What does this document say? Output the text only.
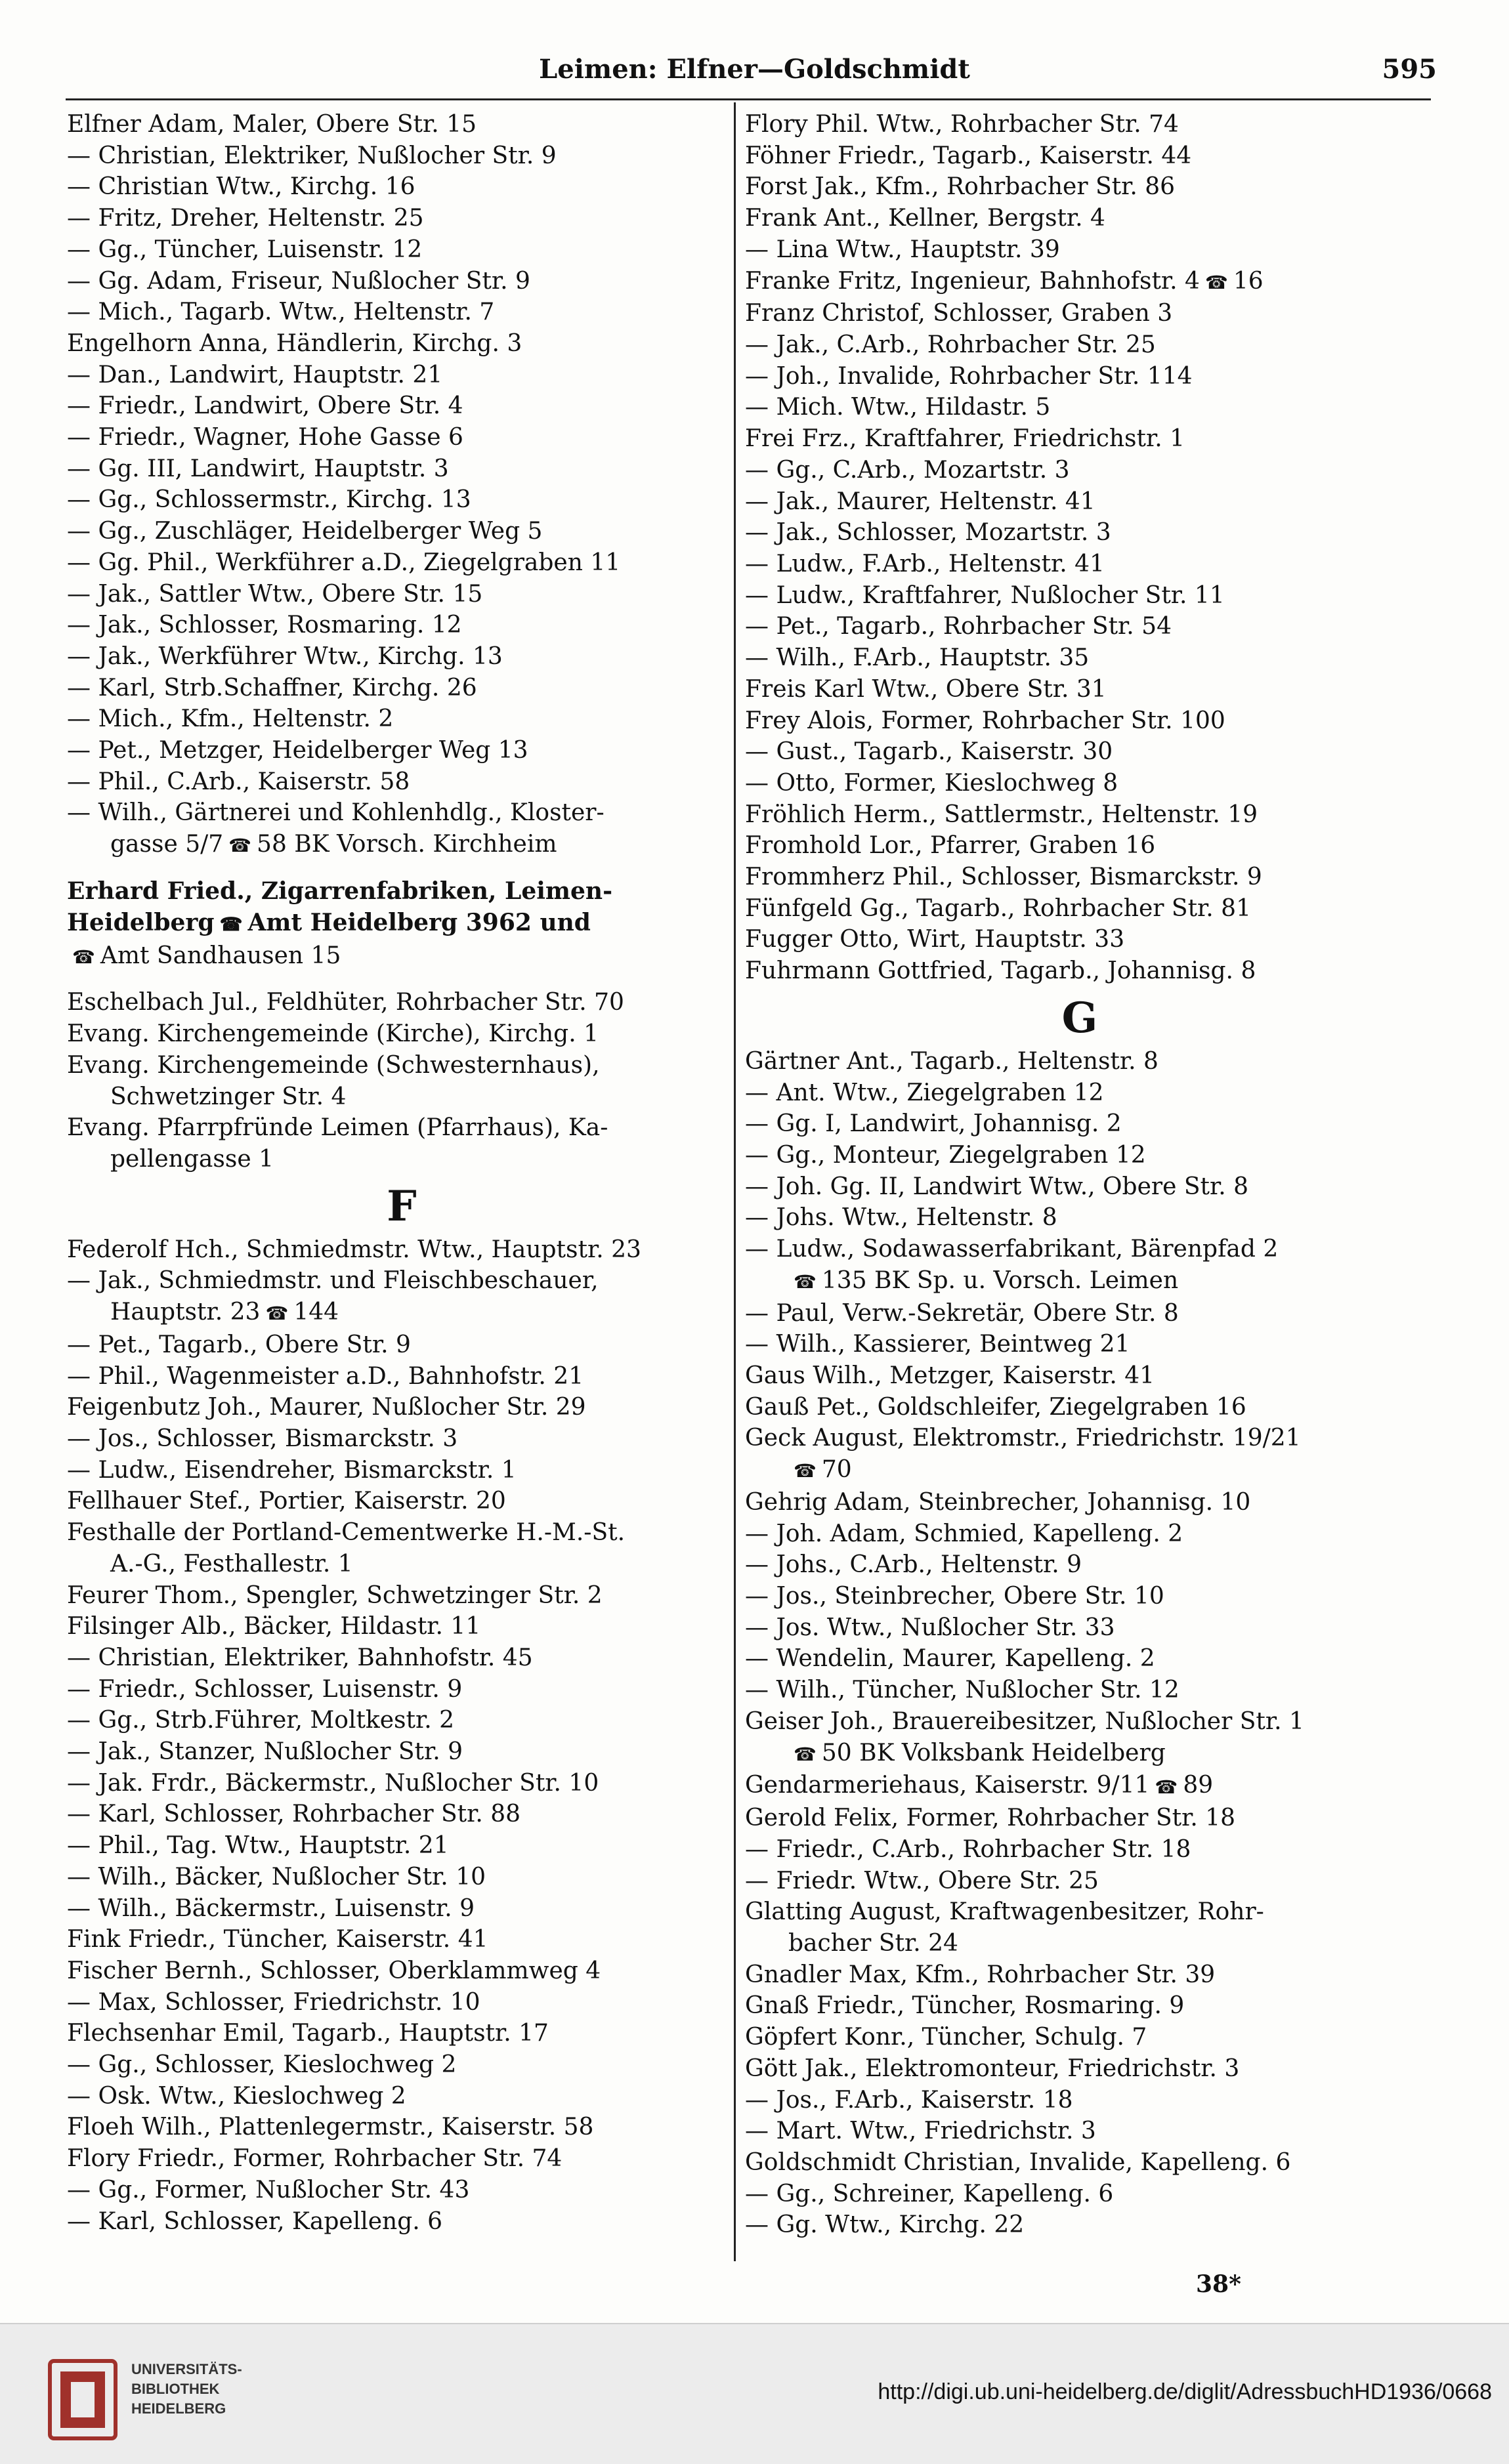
Leimen: Elfner—Goldschmidt	595
Elfner Adam, Maler, Obere Str. 15
— Christian, Elektriker, Nußlocher Str. 9
— Christian Wtw., Kirchg. 16
— Fritz, Dreher, Heltenstr. 25
— Gg., Tüncher, Luisenstr. 12
— Gg. Adam, Friseur, Nußlocher Str. 9
— Mich., Tagarb. Wtw., Heltenstr. 7
Engelhorn Anna, Händlerin, Kirchg. 3
— Dan., Landwirt, Hauptstr. 21
— Friedr., Landwirt, Obere Str. 4
— Friedr., Wagner, Hohe Gasse 6
— Gg. III, Landwirt, Hauptstr. 3
— Gg., Schlossermstr., Kirchg. 13
— Gg., Zuschläger, Heidelberger Weg 5
— Gg. Phil., Werkführer a.D., Ziegelgraben 11
— Jak., Sattler Wtw., Obere Str. 15
— Jak., Schlosser, Rosmaring. 12
— Jak., Werkführer Wtw., Kirchg. 13
— Karl, Strb.Schaffner, Kirchg. 26
— Mich., Kfm., Heltenstr. 2
— Pet., Metzger, Heidelberger Weg 13
— Phil., C.Arb., Kaiserstr. 58
— Wilh., Gärtnerei und Kohlenhdlg., Kloster-
gasse 5/7 ☎ 58 BK Vorsch. Kirchheim
Erhard Fried., Zigarrenfabriken, Leimen-
Heidelberg ☎ Amt Heidelberg 3962 und
☎ Amt Sandhausen 15
Eschelbach Jul., Feldhüter, Rohrbacher Str. 70
Evang. Kirchengemeinde (Kirche), Kirchg. 1
Evang. Kirchengemeinde (Schwesternhaus),
Schwetzinger Str. 4
Evang. Pfarrpfründe Leimen (Pfarrhaus), Ka-
pellengasse 1
F
Federolf Hch., Schmiedmstr. Wtw., Hauptstr. 23
— Jak., Schmiedmstr. und Fleischbeschauer,
Hauptstr. 23 ☎ 144
— Pet., Tagarb., Obere Str. 9
— Phil., Wagenmeister a.D., Bahnhofstr. 21
Feigenbutz Joh., Maurer, Nußlocher Str. 29
— Jos., Schlosser, Bismarckstr. 3
— Ludw., Eisendreher, Bismarckstr. 1
Fellhauer Stef., Portier, Kaiserstr. 20
Festhalle der Portland-Cementwerke H.-M.-St.
A.-G., Festhallestr. 1
Feurer Thom., Spengler, Schwetzinger Str. 2
Filsinger Alb., Bäcker, Hildastr. 11
— Christian, Elektriker, Bahnhofstr. 45
— Friedr., Schlosser, Luisenstr. 9
— Gg., Strb.Führer, Moltkestr. 2
— Jak., Stanzer, Nußlocher Str. 9
— Jak. Frdr., Bäckermstr., Nußlocher Str. 10
— Karl, Schlosser, Rohrbacher Str. 88
— Phil., Tag. Wtw., Hauptstr. 21
— Wilh., Bäcker, Nußlocher Str. 10
— Wilh., Bäckermstr., Luisenstr. 9
Fink Friedr., Tüncher, Kaiserstr. 41
Fischer Bernh., Schlosser, Oberklammweg 4
— Max, Schlosser, Friedrichstr. 10
Flechsenhar Emil, Tagarb., Hauptstr. 17
— Gg., Schlosser, Kieslochweg 2
— Osk. Wtw., Kieslochweg 2
Floeh Wilh., Plattenlegermstr., Kaiserstr. 58
Flory Friedr., Former, Rohrbacher Str. 74
— Gg., Former, Nußlocher Str. 43
— Karl, Schlosser, Kapelleng. 6
Flory Phil. Wtw., Rohrbacher Str. 74
Föhner Friedr., Tagarb., Kaiserstr. 44
Forst Jak., Kfm., Rohrbacher Str. 86
Frank Ant., Kellner, Bergstr. 4
— Lina Wtw., Hauptstr. 39
Franke Fritz, Ingenieur, Bahnhofstr. 4 ☎ 16
Franz Christof, Schlosser, Graben 3
— Jak., C.Arb., Rohrbacher Str. 25
— Joh., Invalide, Rohrbacher Str. 114
— Mich. Wtw., Hildastr. 5
Frei Frz., Kraftfahrer, Friedrichstr. 1
— Gg., C.Arb., Mozartstr. 3
— Jak., Maurer, Heltenstr. 41
— Jak., Schlosser, Mozartstr. 3
— Ludw., F.Arb., Heltenstr. 41
— Ludw., Kraftfahrer, Nußlocher Str. 11
— Pet., Tagarb., Rohrbacher Str. 54
— Wilh., F.Arb., Hauptstr. 35
Freis Karl Wtw., Obere Str. 31
Frey Alois, Former, Rohrbacher Str. 100
— Gust., Tagarb., Kaiserstr. 30
— Otto, Former, Kieslochweg 8
Fröhlich Herm., Sattlermstr., Heltenstr. 19
Fromhold Lor., Pfarrer, Graben 16
Frommherz Phil., Schlosser, Bismarckstr. 9
Fünfgeld Gg., Tagarb., Rohrbacher Str. 81
Fugger Otto, Wirt, Hauptstr. 33
Fuhrmann Gottfried, Tagarb., Johannisg. 8
G
Gärtner Ant., Tagarb., Heltenstr. 8
— Ant. Wtw., Ziegelgraben 12
— Gg. I, Landwirt, Johannisg. 2
— Gg., Monteur, Ziegelgraben 12
— Joh. Gg. II, Landwirt Wtw., Obere Str. 8
— Johs. Wtw., Heltenstr. 8
— Ludw., Sodawasserfabrikant, Bärenpfad 2
☎ 135 BK Sp. u. Vorsch. Leimen
— Paul, Verw.-Sekretär, Obere Str. 8
— Wilh., Kassierer, Beintweg 21
Gaus Wilh., Metzger, Kaiserstr. 41
Gauß Pet., Goldschleifer, Ziegelgraben 16
Geck August, Elektromstr., Friedrichstr. 19/21
☎ 70
Gehrig Adam, Steinbrecher, Johannisg. 10
— Joh. Adam, Schmied, Kapelleng. 2
— Johs., C.Arb., Heltenstr. 9
— Jos., Steinbrecher, Obere Str. 10
— Jos. Wtw., Nußlocher Str. 33
— Wendelin, Maurer, Kapelleng. 2
— Wilh., Tüncher, Nußlocher Str. 12
Geiser Joh., Brauereibesitzer, Nußlocher Str. 1
☎ 50 BK Volksbank Heidelberg
Gendarmeriehaus, Kaiserstr. 9/11 ☎ 89
Gerold Felix, Former, Rohrbacher Str. 18
— Friedr., C.Arb., Rohrbacher Str. 18
— Friedr. Wtw., Obere Str. 25
Glatting August, Kraftwagenbesitzer, Rohr-
bacher Str. 24
Gnadler Max, Kfm., Rohrbacher Str. 39
Gnaß Friedr., Tüncher, Rosmaring. 9
Göpfert Konr., Tüncher, Schulg. 7
Gött Jak., Elektromonteur, Friedrichstr. 3
— Jos., F.Arb., Kaiserstr. 18
— Mart. Wtw., Friedrichstr. 3
Goldschmidt Christian, Invalide, Kapelleng. 6
— Gg., Schreiner, Kapelleng. 6
— Gg. Wtw., Kirchg. 22
38*
UNIVERSITÄTS-
BIBLIOTHEK
HEIDELBERG
http://digi.ub.uni-heidelberg.de/diglit/AdressbuchHD1936/0668
